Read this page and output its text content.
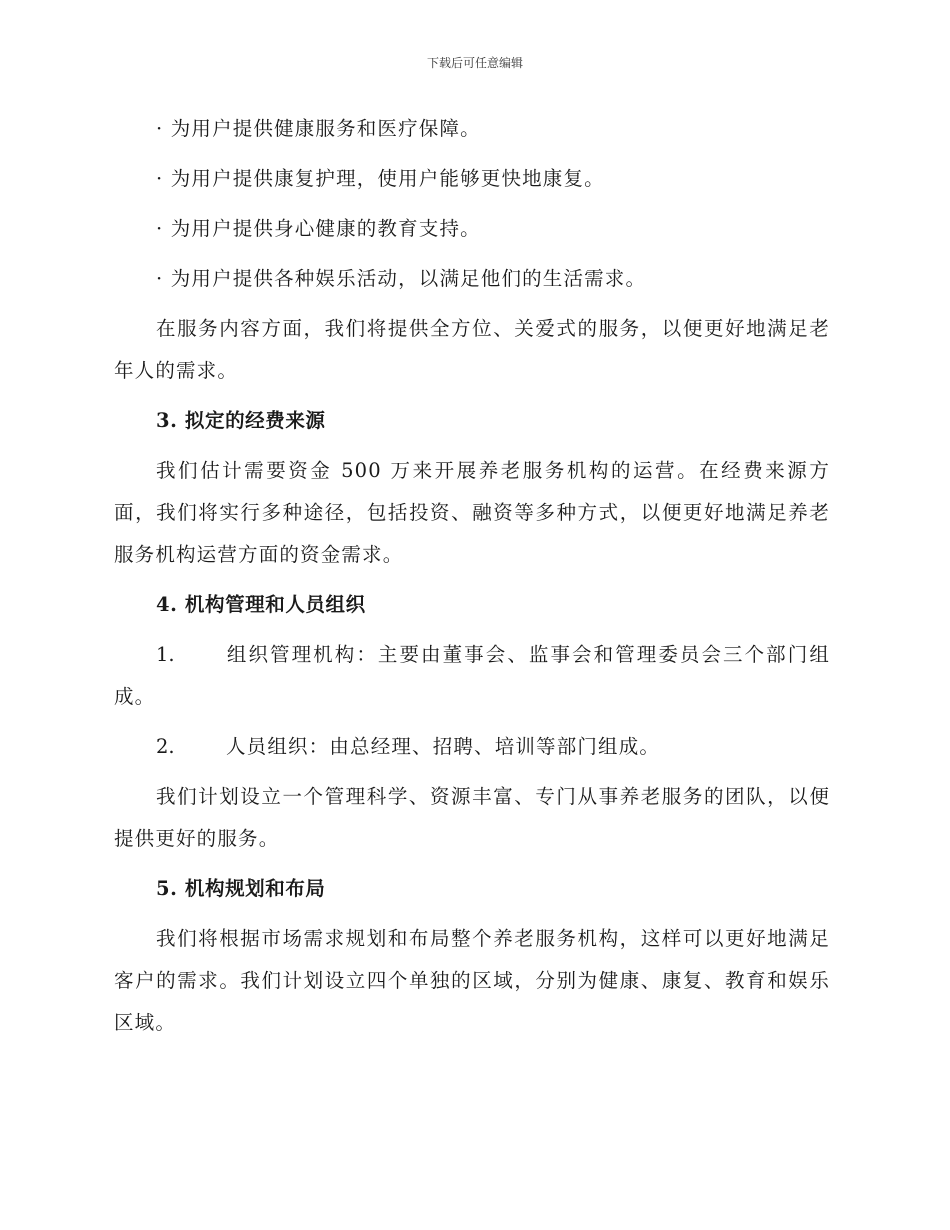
下载后可任意编辑

· 为用户提供健康服务和医疗保障。

· 为用户提供康复护理，使用户能够更快地康复。

· 为用户提供身心健康的教育支持。

· 为用户提供各种娱乐活动，以满足他们的生活需求。

在服务内容方面，我们将提供全方位、关爱式的服务，以便更好地满足老年人的需求。

3. 拟定的经费来源

我们估计需要资金 500 万来开展养老服务机构的运营。在经费来源方面，我们将实行多种途径，包括投资、融资等多种方式，以便更好地满足养老服务机构运营方面的资金需求。

4. 机构管理和人员组织

1.	组织管理机构：主要由董事会、监事会和管理委员会三个部门组成。

2.	人员组织：由总经理、招聘、培训等部门组成。

我们计划设立一个管理科学、资源丰富、专门从事养老服务的团队，以便提供更好的服务。

5. 机构规划和布局

我们将根据市场需求规划和布局整个养老服务机构，这样可以更好地满足客户的需求。我们计划设立四个单独的区域，分别为健康、康复、教育和娱乐区域。
